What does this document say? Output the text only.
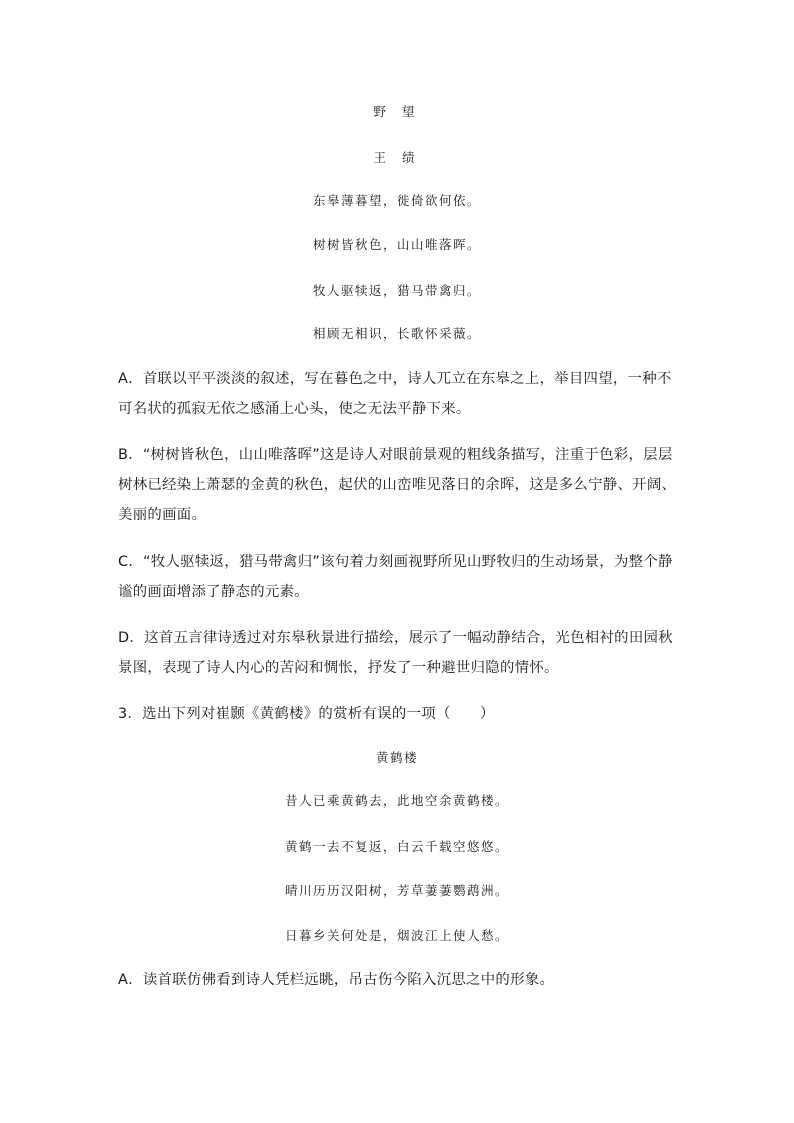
野 望
王 绩
东皋薄暮望，徙倚欲何依。
树树皆秋色，山山唯落晖。
牧人驱犊返，猎马带禽归。
相顾无相识，长歌怀采薇。

A．首联以平平淡淡的叙述，写在暮色之中，诗人兀立在东皋之上，举目四望，一种不可名状的孤寂无依之感涌上心头，使之无法平静下来。

B．“树树皆秋色，山山唯落晖”这是诗人对眼前景观的粗线条描写，注重于色彩，层层树林已经染上萧瑟的金黄的秋色，起伏的山峦唯见落日的余晖，这是多么宁静、开阔、美丽的画面。

C．“牧人驱犊返，猎马带禽归”该句着力刻画视野所见山野牧归的生动场景，为整个静谧的画面增添了静态的元素。

D．这首五言律诗透过对东皋秋景进行描绘，展示了一幅动静结合，光色相衬的田园秋景图，表现了诗人内心的苦闷和惆怅，抒发了一种避世归隐的情怀。

3．选出下列对崔颢《黄鹤楼》的赏析有误的一项（　　）

黄鹤楼
昔人已乘黄鹤去，此地空余黄鹤楼。
黄鹤一去不复返，白云千载空悠悠。
晴川历历汉阳树，芳草萋萋鹦鹉洲。
日暮乡关何处是，烟波江上使人愁。

A．读首联仿佛看到诗人凭栏远眺，吊古伤今陷入沉思之中的形象。
